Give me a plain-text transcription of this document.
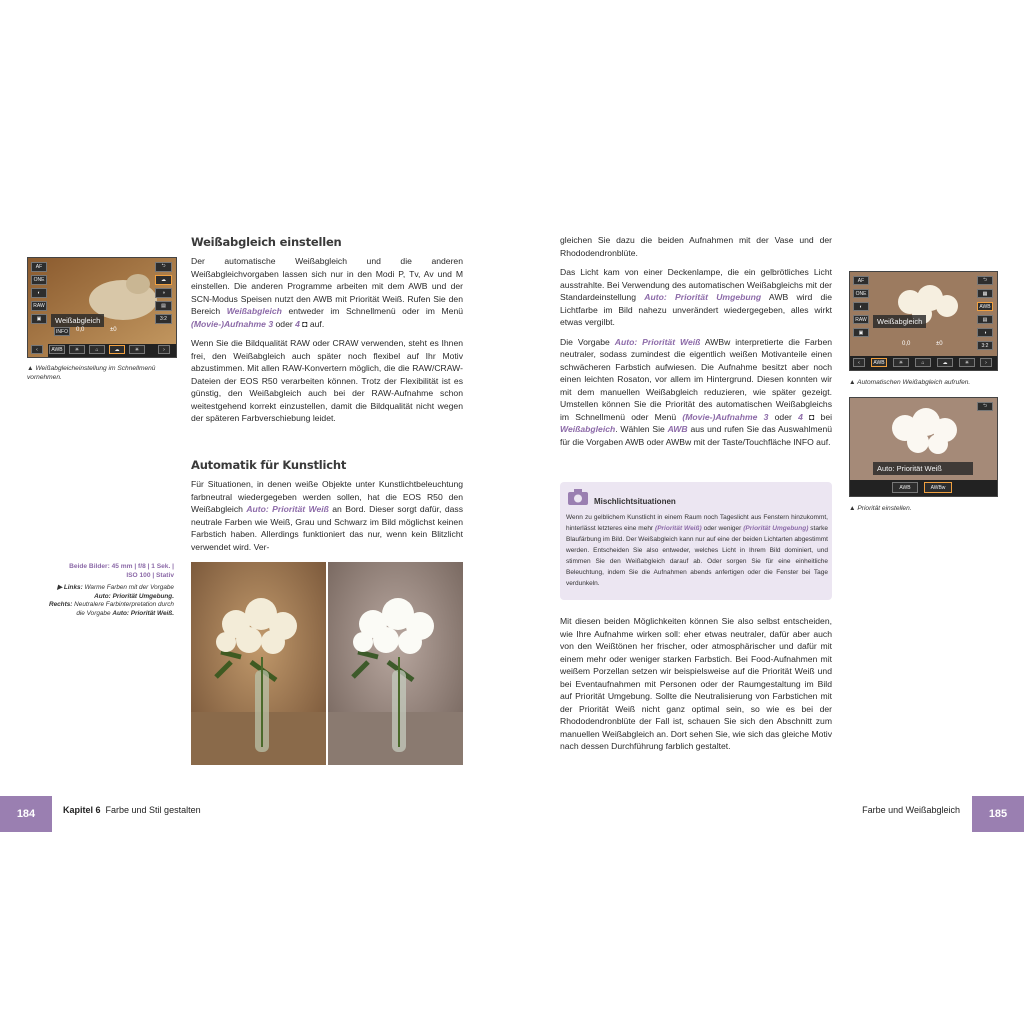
AF
ONE
◐
RAW
▣
⮌
☁
◑
▤
3:2
Weißabgleich
INFO	0,0	±0
‹	AWB	☀	⌂	☁	✳	›
▲ Weißabgleicheinstellung im Schnellmenü vornehmen.
Weißabgleich einstellen

Der automatische Weißabgleich und die anderen Weißabgleichvorgaben lassen sich nur in den Modi P, Tv, Av und M einstellen. Die anderen Programme arbeiten mit dem AWB und der SCN-Modus Speisen nutzt den AWB mit Priorität Weiß. Rufen Sie den Bereich Weißabgleich entweder im Schnellmenü oder im Menü (Movie-)Aufnahme 3 oder 4 ◘ auf.

Wenn Sie die Bildqualität RAW oder CRAW verwenden, steht es Ihnen frei, den Weißabgleich auch später noch flexibel auf Ihr Motiv abzustimmen. Mit allen RAW-Konvertern möglich, die die RAW/CRAW-Dateien der EOS R50 verarbeiten können. Trotz der Flexibilität ist es günstig, den Weißabgleich auch bei der RAW-Aufnahme schon weitestgehend korrekt einzustellen, damit die Bildqualität nicht wegen der späteren Farbverschiebung leidet.

Automatik für Kunstlicht

Für Situationen, in denen weiße Objekte unter Kunstlichtbeleuchtung farbneutral wiedergegeben werden sollen, hat die EOS R50 den Weißabgleich Auto: Priorität Weiß an Bord. Dieser sorgt dafür, dass neutrale Farben wie Weiß, Grau und Schwarz im Bild möglichst keinen Farbstich haben. Allerdings funktioniert das nur, wenn kein Blitzlicht verwendet wird. Ver-

Beide Bilder: 45 mm | f/8 | 1 Sek. |
ISO 100 | Stativ
▶ Links: Warme Farben mit der Vorgabe Auto: Priorität Umgebung.
Rechts: Neutralere Farbinterpretation durch die Vorgabe Auto: Priorität Weiß.

gleichen Sie dazu die beiden Aufnahmen mit der Vase und der Rhododendronblüte.

Das Licht kam von einer Deckenlampe, die ein gelbrötliches Licht ausstrahlte. Bei Verwendung des automatischen Weißabgleichs mit der Standardeinstellung Auto: Priorität Umgebung AWB wird die Lichtfarbe im Bild nahezu unverändert wiedergegeben, alles wirkt etwas vergilbt.

Die Vorgabe Auto: Priorität Weiß AWBw interpretierte die Farben neutraler, sodass zumindest die eigentlich weißen Motivanteile einen schwächeren Farbstich aufwiesen. Die Aufnahme besitzt aber noch einen leichten Rosaton, vor allem im Hintergrund. Diesen konnten wir mit dem manuellen Weißabgleich reduzieren, wie später gezeigt. Umstellen können Sie die Priorität des automatischen Weißabgleichs im Schnellmenü oder Menü (Movie-)Aufnahme 3 oder 4 ◘ bei Weißabgleich. Wählen Sie AWB aus und rufen Sie das Auswahlmenü für die Vorgaben AWB oder AWBw mit der Taste/Touchfläche INFO auf.

Mischlichtsituationen
Wenn zu gelblichem Kunstlicht in einem Raum noch Tageslicht aus Fenstern hinzukommt, hinterlässt letzteres eine mehr (Priorität Weiß) oder weniger (Priorität Umgebung) starke Blaufärbung im Bild. Der Weißabgleich kann nur auf eine der beiden Lichtarten abgestimmt werden. Entscheiden Sie also entweder, welches Licht in Ihrem Bild dominiert, und stimmen Sie den Weißabgleich darauf ab. Oder sorgen Sie für eine einheitliche Beleuchtung, indem Sie die Aufnahmen abends anfertigen oder die Fenster bei Tage verdunkeln.

Mit diesen beiden Möglichkeiten können Sie also selbst entscheiden, wie Ihre Aufnahme wirken soll: eher etwas neutraler, dafür aber auch von den Weißtönen her frischer, oder atmosphärischer und dafür mit einem mehr oder weniger starken Farbstich. Bei Food-Aufnahmen mit weißem Porzellan setzen wir beispielsweise auf die Priorität Weiß und bei Eventaufnahmen mit Personen oder der Raumgestaltung im Bild auf Priorität Umgebung. Sollte die Neutralisierung von Farbstichen mit der Priorität Weiß nicht ganz optimal sein, so wie es bei der Rhododendronblüte der Fall ist, schauen Sie sich den Abschnitt zum manuellen Weißabgleich an. Dort sehen Sie, wie sich das gleiche Motiv nach dessen Durchführung farblich gestaltet.

AF
ONE
◐
RAW
▣
⮌
▦
AWB
▤
◑
3:2
Weißabgleich
0,0	±0
‹	AWB	☀	⌂	☁	✳	›
▲ Automatischen Weißabgleich aufrufen.
⮌
Auto: Priorität Weiß
AWB	AWBw
▲ Priorität einstellen.
184	Kapitel 6 Farbe und Stil gestalten	Farbe und Weißabgleich	185
